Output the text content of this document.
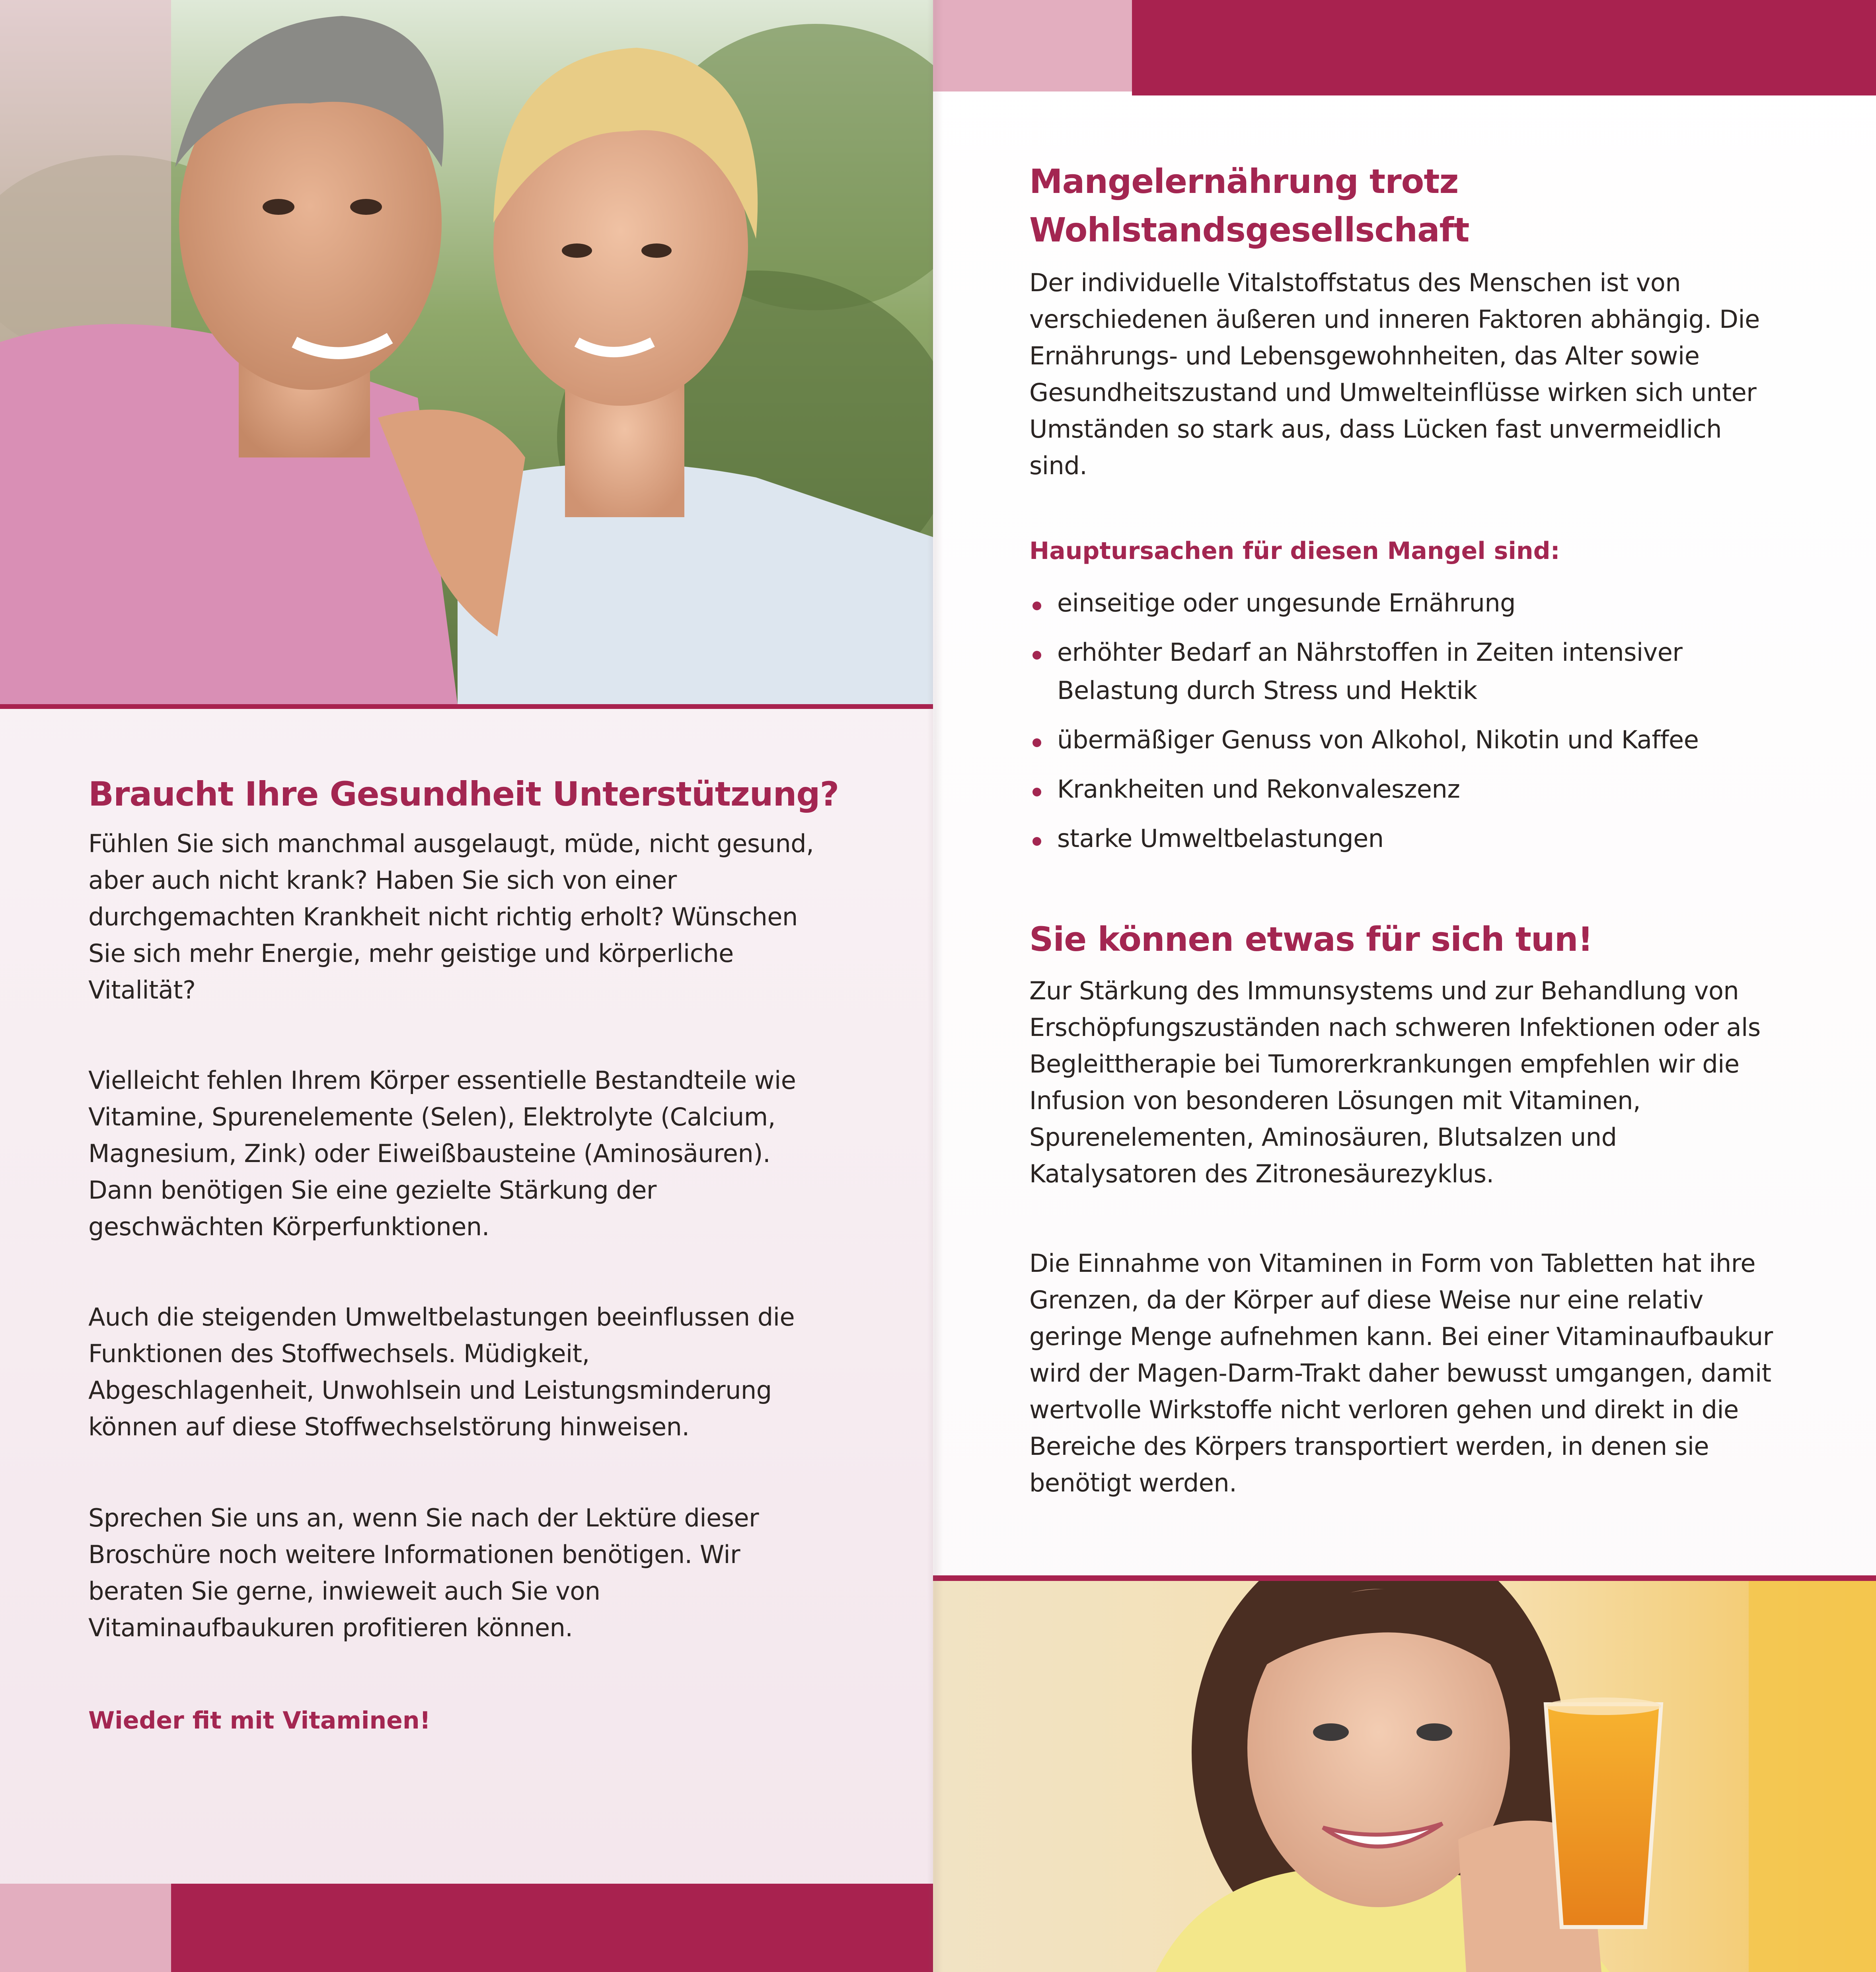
Braucht Ihre Gesundheit Unterstützung?

Fühlen Sie sich manchmal ausgelaugt, müde, nicht gesund, aber auch nicht krank? Haben Sie sich von einer durchgemachten Krankheit nicht richtig erholt? Wünschen Sie sich mehr Energie, mehr geistige und körperliche Vitalität?

Vielleicht fehlen Ihrem Körper essentielle Bestandteile wie Vitamine, Spurenelemente (Selen), Elektrolyte (Calcium, Magnesium, Zink) oder Eiweißbausteine (Aminosäuren). Dann benötigen Sie eine gezielte Stärkung der geschwächten Körperfunktionen.

Auch die steigenden Umweltbelastungen beeinflussen die Funktionen des Stoffwechsels. Müdigkeit, Abgeschlagenheit, Unwohlsein und Leistungsminderung können auf diese Stoffwechselstörung hinweisen.

Sprechen Sie uns an, wenn Sie nach der Lektüre dieser Broschüre noch weitere Informationen benötigen. Wir beraten Sie gerne, inwieweit auch Sie von Vitaminaufbaukuren profitieren können.

Wieder fit mit Vitaminen!
Mangelernährung trotz
Wohlstandsgesellschaft

Der individuelle Vitalstoffstatus des Menschen ist von verschiedenen äußeren und inneren Faktoren abhängig. Die Ernährungs- und Lebensgewohnheiten, das Alter sowie Gesundheitszustand und Umwelteinflüsse wirken sich unter Umständen so stark aus, dass Lücken fast unvermeidlich sind.

Hauptursachen für diesen Mangel sind:
einseitige oder ungesunde Ernährung
erhöhter Bedarf an Nährstoffen in Zeiten intensiver Belastung durch Stress und Hektik
übermäßiger Genuss von Alkohol, Nikotin und Kaffee
Krankheiten und Rekonvaleszenz
starke Umweltbelastungen
Sie können etwas für sich tun!

Zur Stärkung des Immunsystems und zur Behandlung von Erschöpfungszuständen nach schweren Infektionen oder als Begleittherapie bei Tumorerkrankungen empfehlen wir die Infusion von besonderen Lösungen mit Vitaminen, Spurenelementen, Aminosäuren, Blutsalzen und Katalysatoren des Zitronesäurezyklus.

Die Einnahme von Vitaminen in Form von Tabletten hat ihre Grenzen, da der Körper auf diese Weise nur eine relativ geringe Menge aufnehmen kann. Bei einer Vitaminaufbaukur wird der Magen-Darm-Trakt daher bewusst umgangen, damit wertvolle Wirkstoffe nicht verloren gehen und direkt in die Bereiche des Körpers transportiert werden, in denen sie benötigt werden.
